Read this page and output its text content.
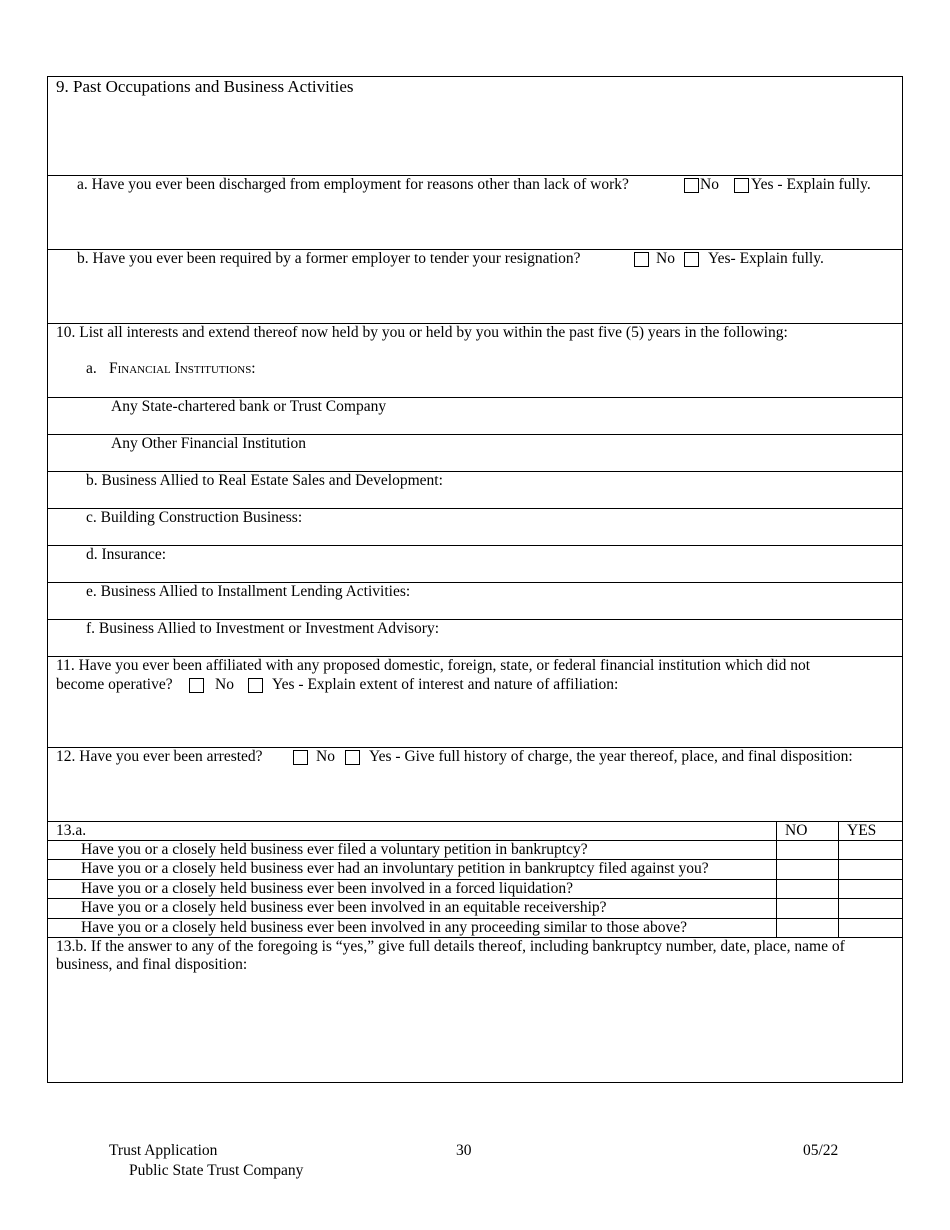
9. Past Occupations and Business Activities
a. Have you ever been discharged from employment for reasons other than lack of work?	No Yes - Explain fully.
b. Have you ever been required by a former employer to tender your resignation?	No Yes- Explain fully.
10. List all interests and extend thereof now held by you or held by you within the past five (5) years in the following:
a. Financial Institutions:
Any State-chartered bank or Trust Company
Any Other Financial Institution
b. Business Allied to Real Estate Sales and Development:
c. Building Construction Business:
d. Insurance:
e. Business Allied to Installment Lending Activities:
f. Business Allied to Investment or Investment Advisory:
11. Have you ever been affiliated with any proposed domestic, foreign, state, or federal financial institution which did not
become operative?	No Yes - Explain extent of interest and nature of affiliation:
12. Have you ever been arrested?	No Yes - Give full history of charge, the year thereof, place, and final disposition:
13.a.	NO	YES
Have you or a closely held business ever filed a voluntary petition in bankruptcy?
Have you or a closely held business ever had an involuntary petition in bankruptcy filed against you?
Have you or a closely held business ever been involved in a forced liquidation?
Have you or a closely held business ever been involved in an equitable receivership?
Have you or a closely held business ever been involved in any proceeding similar to those above?
13.b. If the answer to any of the foregoing is “yes,” give full details thereof, including bankruptcy number, date, place, name of business, and final disposition:
Trust Application
Public State Trust Company
30	05/22
